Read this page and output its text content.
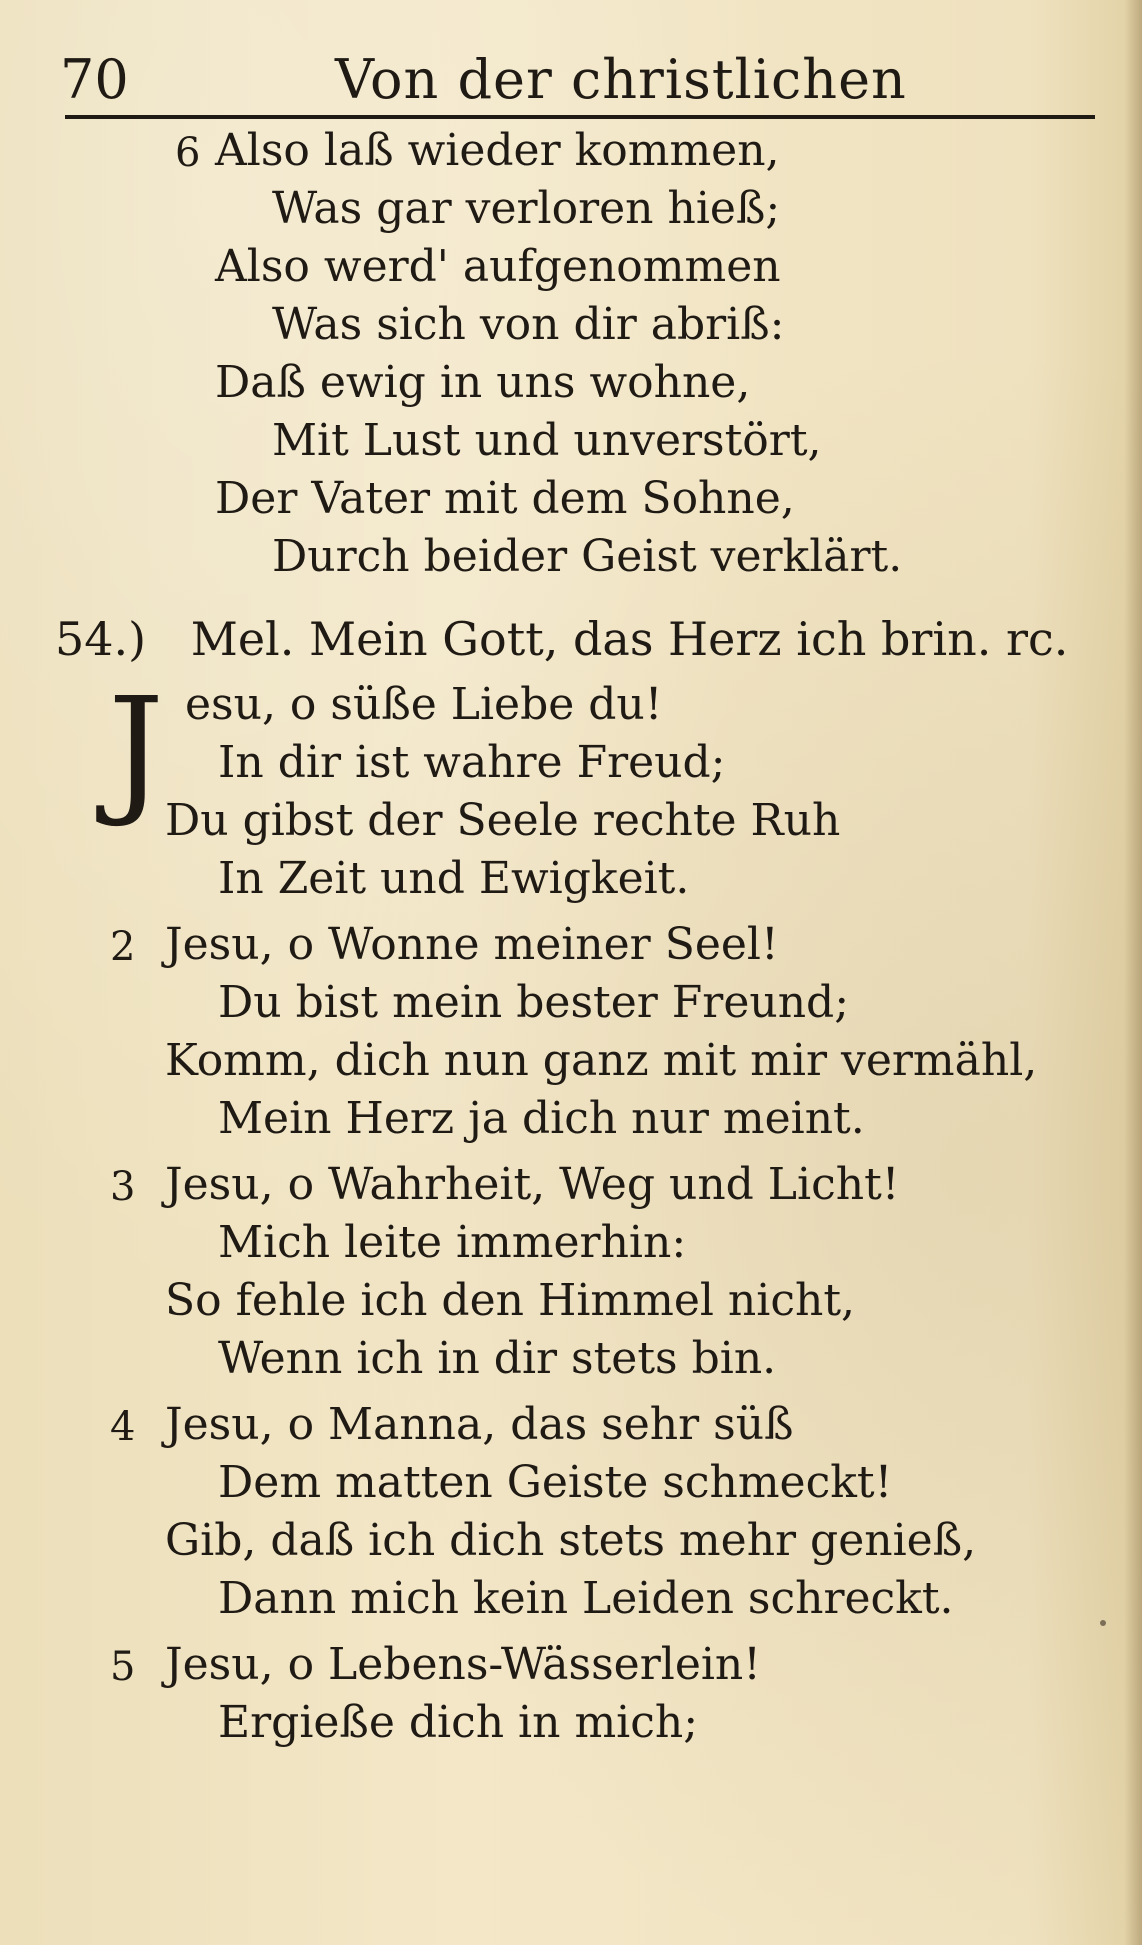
70	Von der christlichen
6 Also laß wieder kommen,
Was gar verloren hieß;
Also werd' aufgenommen
Was sich von dir abriß:
Daß ewig in uns wohne,
Mit Lust und unverstört,
Der Vater mit dem Sohne,
Durch beider Geist verklärt.
54.) Mel. Mein Gott, das Herz ich brin. rc.
J esu, o süße Liebe du!
In dir ist wahre Freud;
Du gibst der Seele rechte Ruh
In Zeit und Ewigkeit.
2 Jesu, o Wonne meiner Seel!
Du bist mein bester Freund;
Komm, dich nun ganz mit mir vermähl,
Mein Herz ja dich nur meint.
3 Jesu, o Wahrheit, Weg und Licht!
Mich leite immerhin:
So fehle ich den Himmel nicht,
Wenn ich in dir stets bin.
4 Jesu, o Manna, das sehr süß
Dem matten Geiste schmeckt!
Gib, daß ich dich stets mehr genieß,
Dann mich kein Leiden schreckt.
5 Jesu, o Lebens-Wässerlein!
Ergieße dich in mich;
